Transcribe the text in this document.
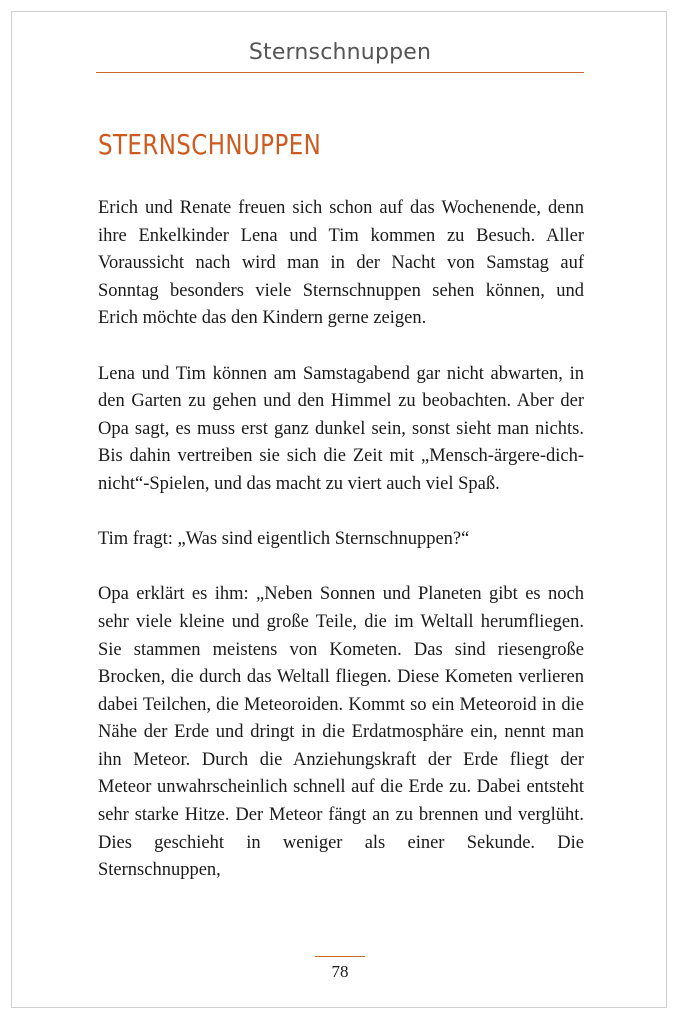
Sternschnuppen
STERNSCHNUPPEN

Erich und Renate freuen sich schon auf das Wochenende, denn ihre Enkelkinder Lena und Tim kommen zu Besuch. Aller Voraussicht nach wird man in der Nacht von Samstag auf Sonntag besonders viele Sternschnuppen sehen können, und Erich möchte das den Kindern gerne zeigen.

Lena und Tim können am Samstagabend gar nicht abwarten, in den Garten zu gehen und den Himmel zu beobachten. Aber der Opa sagt, es muss erst ganz dunkel sein, sonst sieht man nichts. Bis dahin vertreiben sie sich die Zeit mit „Mensch-ärgere-dich-nicht“-Spielen, und das macht zu viert auch viel Spaß.

Tim fragt: „Was sind eigentlich Sternschnuppen?“

Opa erklärt es ihm: „Neben Sonnen und Planeten gibt es noch sehr viele kleine und große Teile, die im Weltall herumfliegen. Sie stammen meistens von Kometen. Das sind riesengroße Brocken, die durch das Weltall fliegen. Diese Kometen verlieren dabei Teilchen, die Meteoroiden. Kommt so ein Meteoroid in die Nähe der Erde und dringt in die Erdatmosphäre ein, nennt man ihn Meteor. Durch die Anziehungskraft der Erde fliegt der Meteor unwahrscheinlich schnell auf die Erde zu. Dabei entsteht sehr starke Hitze. Der Meteor fängt an zu brennen und verglüht. Dies geschieht in weniger als einer Sekunde. Die Sternschnuppen,

78
